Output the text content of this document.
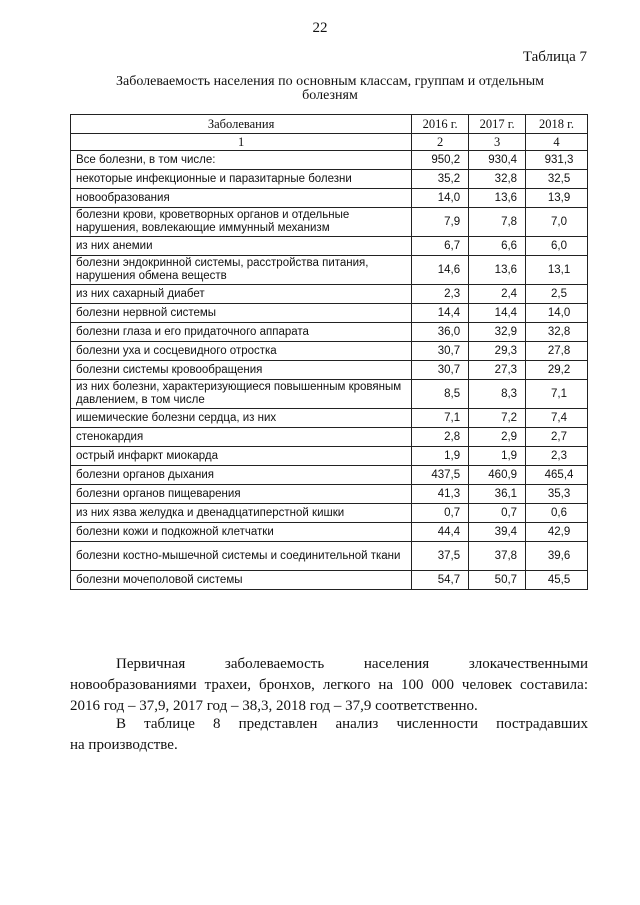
22
Таблица 7
Заболеваемость населения по основным классам, группам и отдельным болезням
Заболевания	2016 г.	2017 г.	2018 г.
1	2	3	4
Все болезни, в том числе:	950,2	930,4	931,3
некоторые инфекционные и паразитарные болезни	35,2	32,8	32,5
новообразования	14,0	13,6	13,9
болезни крови, кроветворных органов и отдельные нарушения, вовлекающие иммунный механизм	7,9	7,8	7,0
из них анемии	6,7	6,6	6,0
болезни эндокринной системы, расстройства питания, нарушения обмена веществ	14,6	13,6	13,1
из них сахарный диабет	2,3	2,4	2,5
болезни нервной системы	14,4	14,4	14,0
болезни глаза и его придаточного аппарата	36,0	32,9	32,8
болезни уха и сосцевидного отростка	30,7	29,3	27,8
болезни системы кровообращения	30,7	27,3	29,2
из них болезни, характеризующиеся повышенным кровяным давлением, в том числе	8,5	8,3	7,1
ишемические болезни сердца, из них	7,1	7,2	7,4
стенокардия	2,8	2,9	2,7
острый инфаркт миокарда	1,9	1,9	2,3
болезни органов дыхания	437,5	460,9	465,4
болезни органов пищеварения	41,3	36,1	35,3
из них язва желудка и двенадцатиперстной кишки	0,7	0,7	0,6
болезни кожи и подкожной клетчатки	44,4	39,4	42,9
болезни костно-мышечной системы и соединительной ткани	37,5	37,8	39,6
болезни мочеполовой системы	54,7	50,7	45,5
Первичная заболеваемость населения злокачественными
новообразованиями трахеи, бронхов, легкого на 100 000 человек составила:
2016 год – 37,9, 2017 год – 38,3, 2018 год – 37,9 соответственно.
В таблице 8 представлен анализ численности пострадавших
на производстве.
